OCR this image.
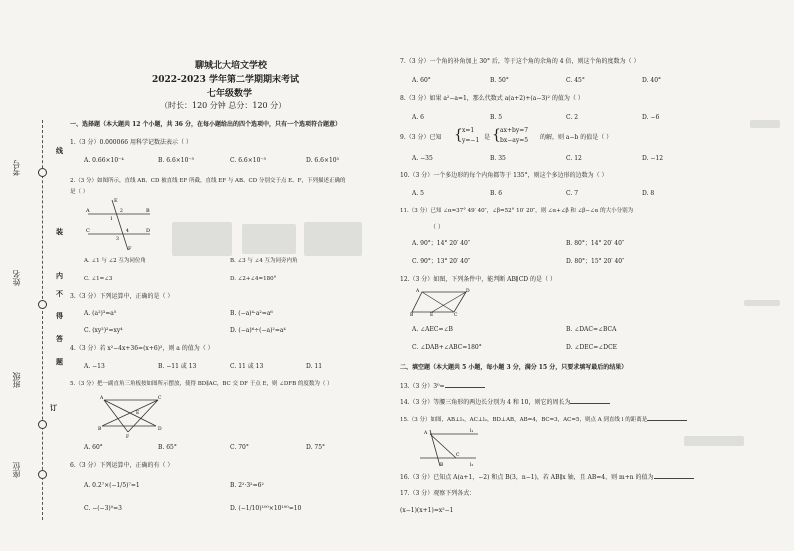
线
装
内
不
得
答
题
订
考号
姓名
班级
座位
聊城北大培文学校
2022-2023 学年第二学期期末考试
七年级数学
（时长：120 分钟 总分：120 分）
一、选择题（本大题共 12 个小题，共 36 分，在每小题给出的四个选项中，只有一个选项符合题意）
1.（3 分）0.000066 用科学记数法表示（ ）
A. 0.66×10⁻⁴	B. 6.6×10⁻⁵	C. 6.6×10⁻⁵	D. 6.6×10⁵
2.（3 分）如图所示，直线 AB、CD 被直线 EF 所截，直线 EF 与 AB、CD 分别交于点 E、F，下列描述正确的
是（ ）
A	B
C	D
E
F
1
2
3
4
A. ∠1 与 ∠2 互为同位角	B. ∠3 与 ∠4 互为同旁内角
C. ∠1=∠3	D. ∠2+∠4=180°
3.（3 分）下列运算中，正确的是（ ）
A. (a²)³=a⁵	B. (−a)⁴·a²=a⁶
C. (xy²)²=xy⁴	D. (−a)⁶÷(−a)²=a⁴
4.（3 分）若 x²−4x+36=(x+6)²，则 a 的值为（ ）
A. −13	B. −11 或 13	C. 11 或 13	D. 11
5.（3 分）把一副直角三角板按如图所示摆放，使得 BD∥AC，BC 交 DF 于点 E，则 ∠DFB 的度数为（ ）
A	C
B	D
F
E
A. 60°	B. 65°	C. 70°	D. 75°
6.（3 分）下列运算中，正确的有（ ）
A. 0.2⁷×(−1/5)⁷=1	B. 2²·3²=6²
C. −(−3)⁰=3	D. (−1/10)¹⁰⁰×10¹⁰⁰=10
7.（3 分）一个角的补角加上 30° 后，等于这个角的余角的 4 倍，则这个角的度数为（ ）
A. 60°	B. 50°	C. 45°	D. 40°
8.（3 分）如果 a²−a=1，那么代数式 a(a+2)+(a−3)² 的值为（ ）
A. 6	B. 5	C. 2	D. −6
9.（3 分）已知 { x=1
y=−1 是 { ax+by=7
bx−ay=5 的解，则 a−b 的值是（ ）
A. −35	B. 35	C. 12	D. −12
10.（3 分）一个多边形的每个内角都等于 135°，则这个多边形的边数为（ ）
A. 5	B. 6	C. 7	D. 8
11.（3 分）已知 ∠α=37° 49′ 40″，∠β=52° 10′ 20″，则 ∠α+∠β 和 ∠β−∠α 的大小分别为
（ ）
A. 90°；14° 20′ 40″	B. 80°；14° 20′ 40″
C. 90°；13° 20′ 40″	D. 80°；15° 20′ 40″
12.（3 分）如图，下列条件中，能判断 AB∥CD 的是（ ）
A	D
B	C
E
A. ∠AEC=∠B	B. ∠DAC=∠BCA
C. ∠DAB+∠ABC=180°	D. ∠DEC=∠DCE
二、填空题（本大题共 5 小题，每小题 3 分，满分 15 分，只要求填写最后的结果）
13.（3 分）3⁰=
14.（3 分）等腰三角形的两边长分别为 4 和 10，则它的周长为
15.（3 分）如图，AB⊥l₁，AC⊥l₂，BD⊥AB，AB=4，BC=3，AC=5，则点 A 到直线 l 的距离是
A
C
B
l₁
l₂
16.（3 分）已知点 A(a+1，−2) 和点 B(3，n−1)，若 AB∥x 轴，且 AB=4，则 m+n 的值为
17.（3 分）观察下列各式：
(x−1)(x+1)=x²−1
